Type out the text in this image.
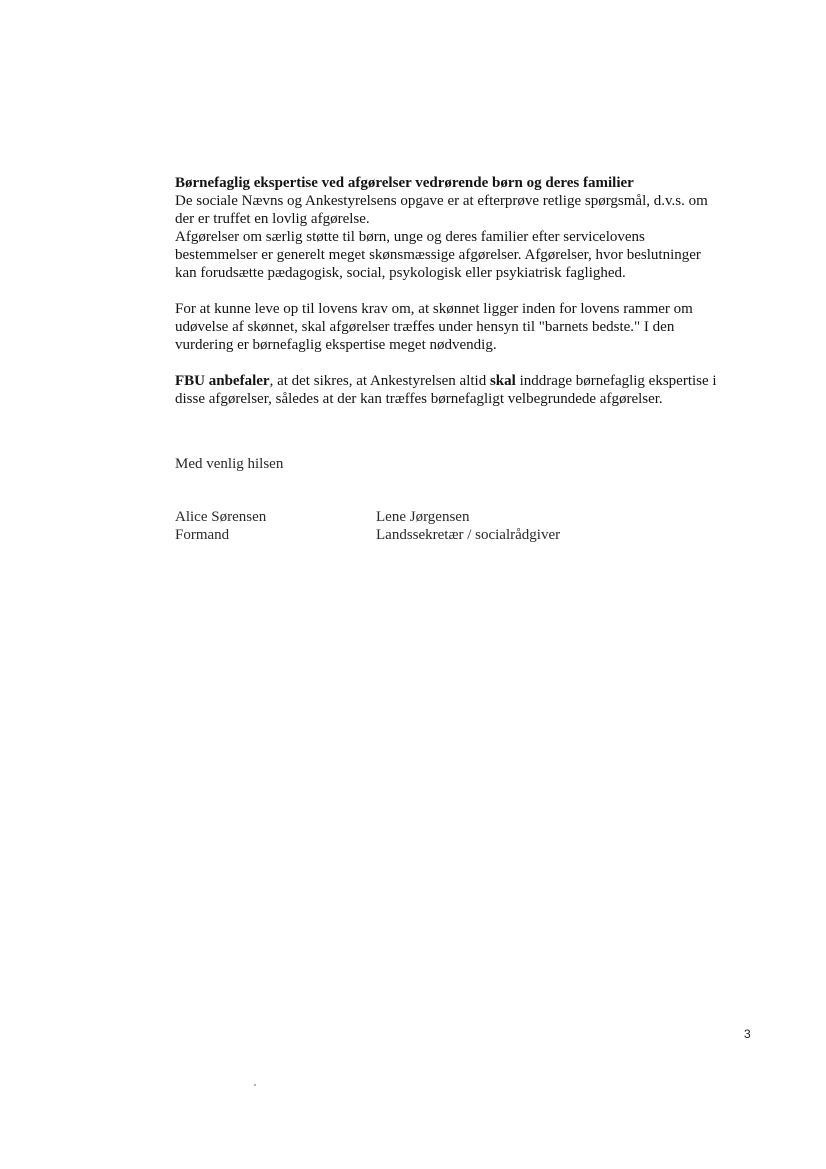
Børnefaglig ekspertise ved afgørelser vedrørende børn og deres familier

De sociale Nævns og Ankestyrelsens opgave er at efterprøve retlige spørgsmål, d.v.s. om

der er truffet en lovlig afgørelse.

Afgørelser om særlig støtte til børn, unge og deres familier efter servicelovens

bestemmelser er generelt meget skønsmæssige afgørelser. Afgørelser, hvor beslutninger

kan forudsætte pædagogisk, social, psykologisk eller psykiatrisk faglighed.

For at kunne leve op til lovens krav om, at skønnet ligger inden for lovens rammer om

udøvelse af skønnet, skal afgørelser træffes under hensyn til "barnets bedste." I den

vurdering er børnefaglig ekspertise meget nødvendig.

FBU anbefaler, at det sikres, at Ankestyrelsen altid skal inddrage børnefaglig ekspertise i

disse afgørelser, således at der kan træffes børnefagligt velbegrundede afgørelser.

Med venlig hilsen
Alice Sørensen
Formand
Lene Jørgensen
Landssekretær / socialrådgiver
3
